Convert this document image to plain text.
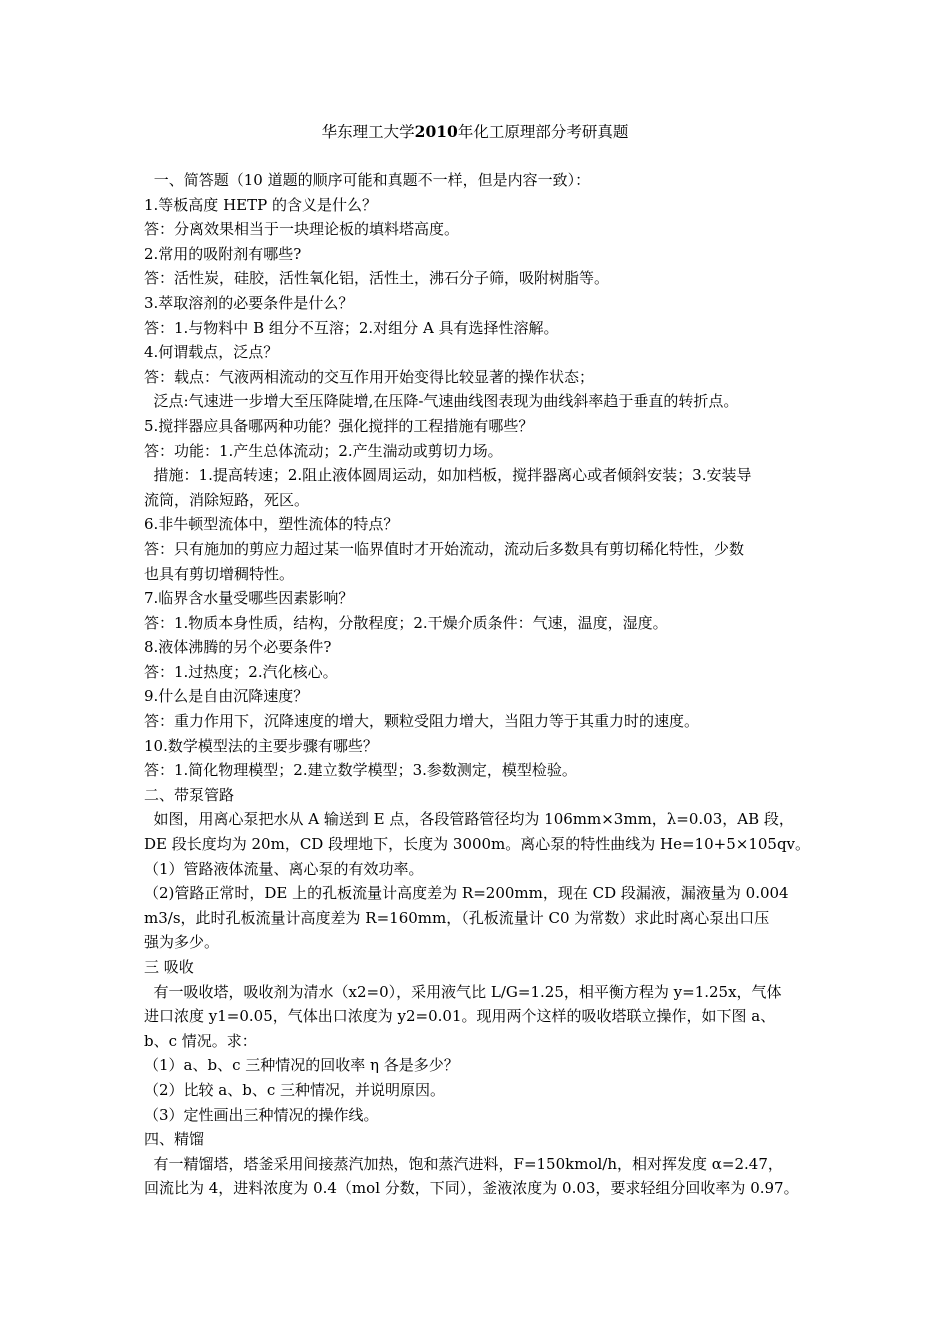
华东理工大学2010年化工原理部分考研真题

一、简答题（10 道题的顺序可能和真题不一样，但是内容一致）：

1.等板高度 HETP 的含义是什么？

答：分离效果相当于一块理论板的填料塔高度。

2.常用的吸附剂有哪些?

答：活性炭，硅胶，活性氧化铝，活性土，沸石分子筛，吸附树脂等。

3.萃取溶剂的必要条件是什么？

答：1.与物料中 B 组分不互溶；2.对组分 A 具有选择性溶解。

4.何谓载点，泛点？

答：载点：气液两相流动的交互作用开始变得比较显著的操作状态；

泛点:气速进一步增大至压降陡增,在压降-气速曲线图表现为曲线斜率趋于垂直的转折点。

5.搅拌器应具备哪两种功能？强化搅拌的工程措施有哪些？

答：功能：1.产生总体流动；2.产生湍动或剪切力场。

措施：1.提高转速；2.阻止液体圆周运动，如加档板，搅拌器离心或者倾斜安装；3.安装导

流筒，消除短路，死区。

6.非牛顿型流体中，塑性流体的特点？

答：只有施加的剪应力超过某一临界值时才开始流动，流动后多数具有剪切稀化特性，少数

也具有剪切增稠特性。

7.临界含水量受哪些因素影响？

答：1.物质本身性质，结构，分散程度；2.干燥介质条件：气速，温度，湿度。

8.液体沸腾的另个必要条件?

答：1.过热度；2.汽化核心。

9.什么是自由沉降速度？

答：重力作用下，沉降速度的增大，颗粒受阻力增大，当阻力等于其重力时的速度。

10.数学模型法的主要步骤有哪些？

答：1.简化物理模型；2.建立数学模型；3.参数测定，模型检验。

二、带泵管路

如图，用离心泵把水从 A 输送到 E 点，各段管路管径均为 106mm×3mm，λ=0.03，AB 段，

DE 段长度均为 20m，CD 段埋地下，长度为 3000m。离心泵的特性曲线为 He=10+5×105qv。

（1）管路液体流量、离心泵的有效功率。

（2)管路正常时，DE 上的孔板流量计高度差为 R=200mm，现在 CD 段漏液，漏液量为 0.004

m3/s，此时孔板流量计高度差为 R=160mm，（孔板流量计 C0 为常数）求此时离心泵出口压

强为多少。

三 吸收

有一吸收塔，吸收剂为清水（x2=0），采用液气比 L/G=1.25，相平衡方程为 y=1.25x，气体

进口浓度 y1=0.05，气体出口浓度为 y2=0.01。现用两个这样的吸收塔联立操作，如下图 a、

b、c 情况。求：

（1）a、b、c 三种情况的回收率 η 各是多少？

（2）比较 a、b、c 三种情况，并说明原因。

（3）定性画出三种情况的操作线。

四、精馏

有一精馏塔，塔釜采用间接蒸汽加热，饱和蒸汽进料，F=150kmol/h，相对挥发度 α=2.47，

回流比为 4，进料浓度为 0.4（mol 分数，下同），釜液浓度为 0.03，要求轻组分回收率为 0.97。
